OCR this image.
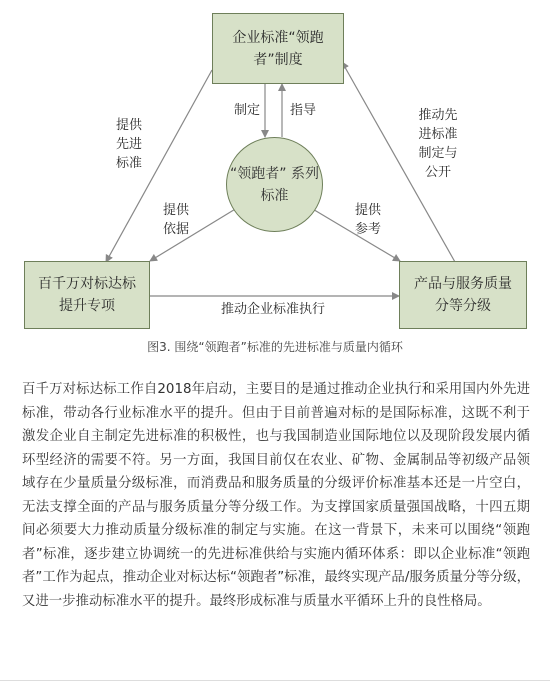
企业标准“领跑
者”制度
百千万对标达标
提升专项
产品与服务质量
分等分级
“领跑者” 系列标准
提供
先进
标准
推动先
进标准
制定与
公开
制定 指导
提供
依据
提供
参考
推动企业标准执行
图3. 围绕“领跑者”标准的先进标准与质量内循环

百千万对标达标工作自2018年启动，主要目的是通过推动企业执行和采用国内外先进标准，带动各行业标准水平的提升。但由于目前普遍对标的是国际标准，这既不利于激发企业自主制定先进标准的积极性，也与我国制造业国际地位以及现阶段发展内循环型经济的需要不符。另一方面，我国目前仅在农业、矿物、金属制品等初级产品领域存在少量质量分级标准，而消费品和服务质量的分级评价标准基本还是一片空白，无法支撑全面的产品与服务质量分等分级工作。为支撑国家质量强国战略，十四五期间必须要大力推动质量分级标准的制定与实施。在这一背景下，未来可以围绕“领跑者”标准，逐步建立协调统一的先进标准供给与实施内循环体系：即以企业标准“领跑者”工作为起点，推动企业对标达标“领跑者”标准，最终实现产品/服务质量分等分级，又进一步推动标准水平的提升。最终形成标准与质量水平循环上升的良性格局。
